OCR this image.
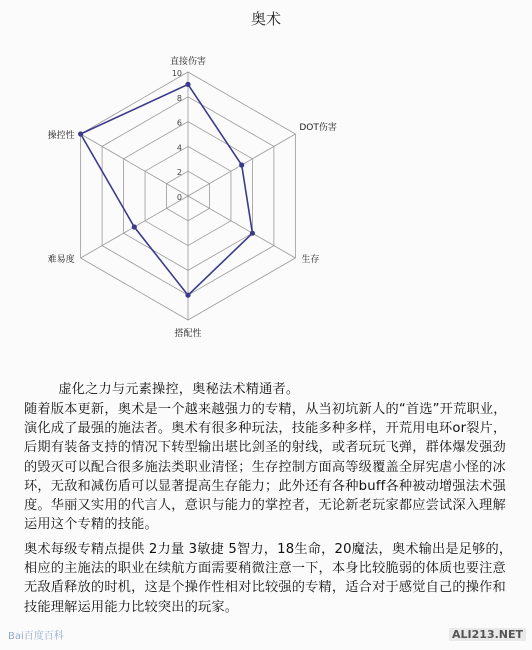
奥术
0
2
4
6
8
10
直接伤害
DOT伤害
生存
搭配性
难易度
操控性
虚化之力与元素操控，奥秘法术精通者。
随着版本更新，奥术是一个越来越强力的专精，从当初坑新人的“首选”开荒职业，演化成了最强的施法者。奥术有很多种玩法，技能多种多样，开荒用电环or裂片，后期有装备支持的情况下转型输出堪比剑圣的射线，或者玩玩飞弹，群体爆发强劲的毁灭可以配合很多施法类职业清怪；生存控制方面高等级覆盖全屏宪虐小怪的冰环，无敌和减伤盾可以显著提高生存能力；此外还有各种buff各种被动增强法术强度。华丽又实用的代言人，意识与能力的掌控者，无论新老玩家都应尝试深入理解运用这个专精的技能。
奥术每级专精点提供 2力量 3敏捷 5智力，18生命，20魔法，奥术输出是足够的，相应的主施法的职业在续航方面需要稍微注意一下，本身比较脆弱的体质也要注意无敌盾释放的时机，这是个操作性相对比较强的专精，适合对于感觉自己的操作和技能理解运用能力比较突出的玩家。
Bai百度百科	ALI213.NET
